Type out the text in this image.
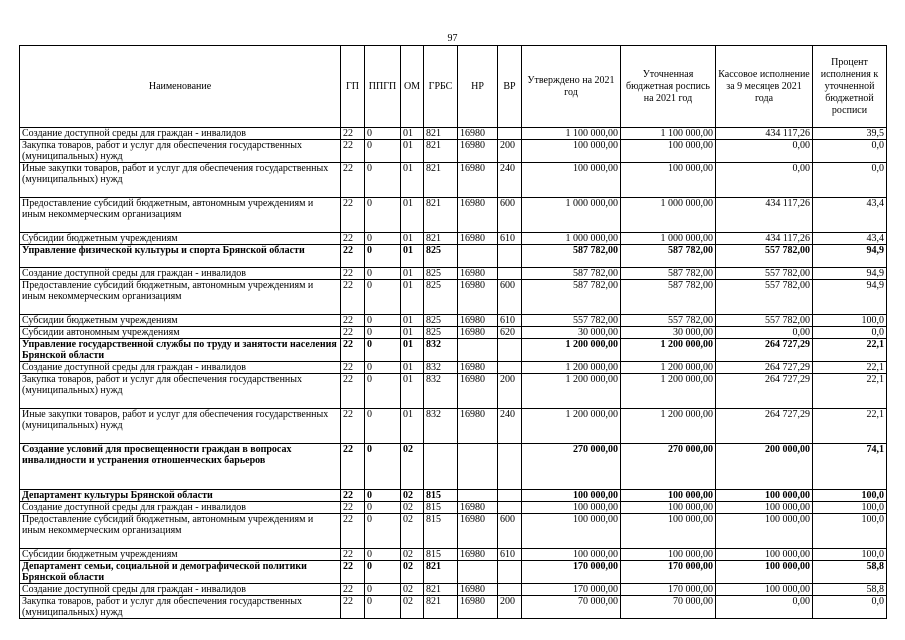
97
Наименование	ГП	ППГП	ОМ	ГРБС	НР	ВР	Утверждено на 2021 год	Уточненная бюджетная роспись на 2021 год	Кассовое исполнение за 9 месяцев 2021 года	Процент исполнения к уточненной бюджетной росписи
Создание доступной среды для граждан - инвалидов	22	0	01	821	16980		1 100 000,00	1 100 000,00	434 117,26	39,5
Закупка товаров, работ и услуг для обеспечения государственных (муниципальных) нужд	22	0	01	821	16980	200	100 000,00	100 000,00	0,00	0,0
Иные закупки товаров, работ и услуг для обеспечения государственных (муниципальных) нужд	22	0	01	821	16980	240	100 000,00	100 000,00	0,00	0,0
Предоставление субсидий бюджетным, автономным учреждениям и иным некоммерческим организациям	22	0	01	821	16980	600	1 000 000,00	1 000 000,00	434 117,26	43,4
Субсидии бюджетным учреждениям	22	0	01	821	16980	610	1 000 000,00	1 000 000,00	434 117,26	43,4
Управление физической культуры и спорта Брянской области	22	0	01	825			587 782,00	587 782,00	557 782,00	94,9
Создание доступной среды для граждан - инвалидов	22	0	01	825	16980		587 782,00	587 782,00	557 782,00	94,9
Предоставление субсидий бюджетным, автономным учреждениям и иным некоммерческим организациям	22	0	01	825	16980	600	587 782,00	587 782,00	557 782,00	94,9
Субсидии бюджетным учреждениям	22	0	01	825	16980	610	557 782,00	557 782,00	557 782,00	100,0
Субсидии автономным учреждениям	22	0	01	825	16980	620	30 000,00	30 000,00	0,00	0,0
Управление государственной службы по труду и занятости населения Брянской области	22	0	01	832			1 200 000,00	1 200 000,00	264 727,29	22,1
Создание доступной среды для граждан - инвалидов	22	0	01	832	16980		1 200 000,00	1 200 000,00	264 727,29	22,1
Закупка товаров, работ и услуг для обеспечения государственных (муниципальных) нужд	22	0	01	832	16980	200	1 200 000,00	1 200 000,00	264 727,29	22,1
Иные закупки товаров, работ и услуг для обеспечения государственных (муниципальных) нужд	22	0	01	832	16980	240	1 200 000,00	1 200 000,00	264 727,29	22,1
Создание условий для просвещенности граждан в вопросах инвалидности и устранения отношенческих барьеров	22	0	02				270 000,00	270 000,00	200 000,00	74,1
Департамент культуры Брянской области	22	0	02	815			100 000,00	100 000,00	100 000,00	100,0
Создание доступной среды для граждан - инвалидов	22	0	02	815	16980		100 000,00	100 000,00	100 000,00	100,0
Предоставление субсидий бюджетным, автономным учреждениям и иным некоммерческим организациям	22	0	02	815	16980	600	100 000,00	100 000,00	100 000,00	100,0
Субсидии бюджетным учреждениям	22	0	02	815	16980	610	100 000,00	100 000,00	100 000,00	100,0
Департамент семьи, социальной и демографической политики Брянской области	22	0	02	821			170 000,00	170 000,00	100 000,00	58,8
Создание доступной среды для граждан - инвалидов	22	0	02	821	16980		170 000,00	170 000,00	100 000,00	58,8
Закупка товаров, работ и услуг для обеспечения государственных (муниципальных) нужд	22	0	02	821	16980	200	70 000,00	70 000,00	0,00	0,0
